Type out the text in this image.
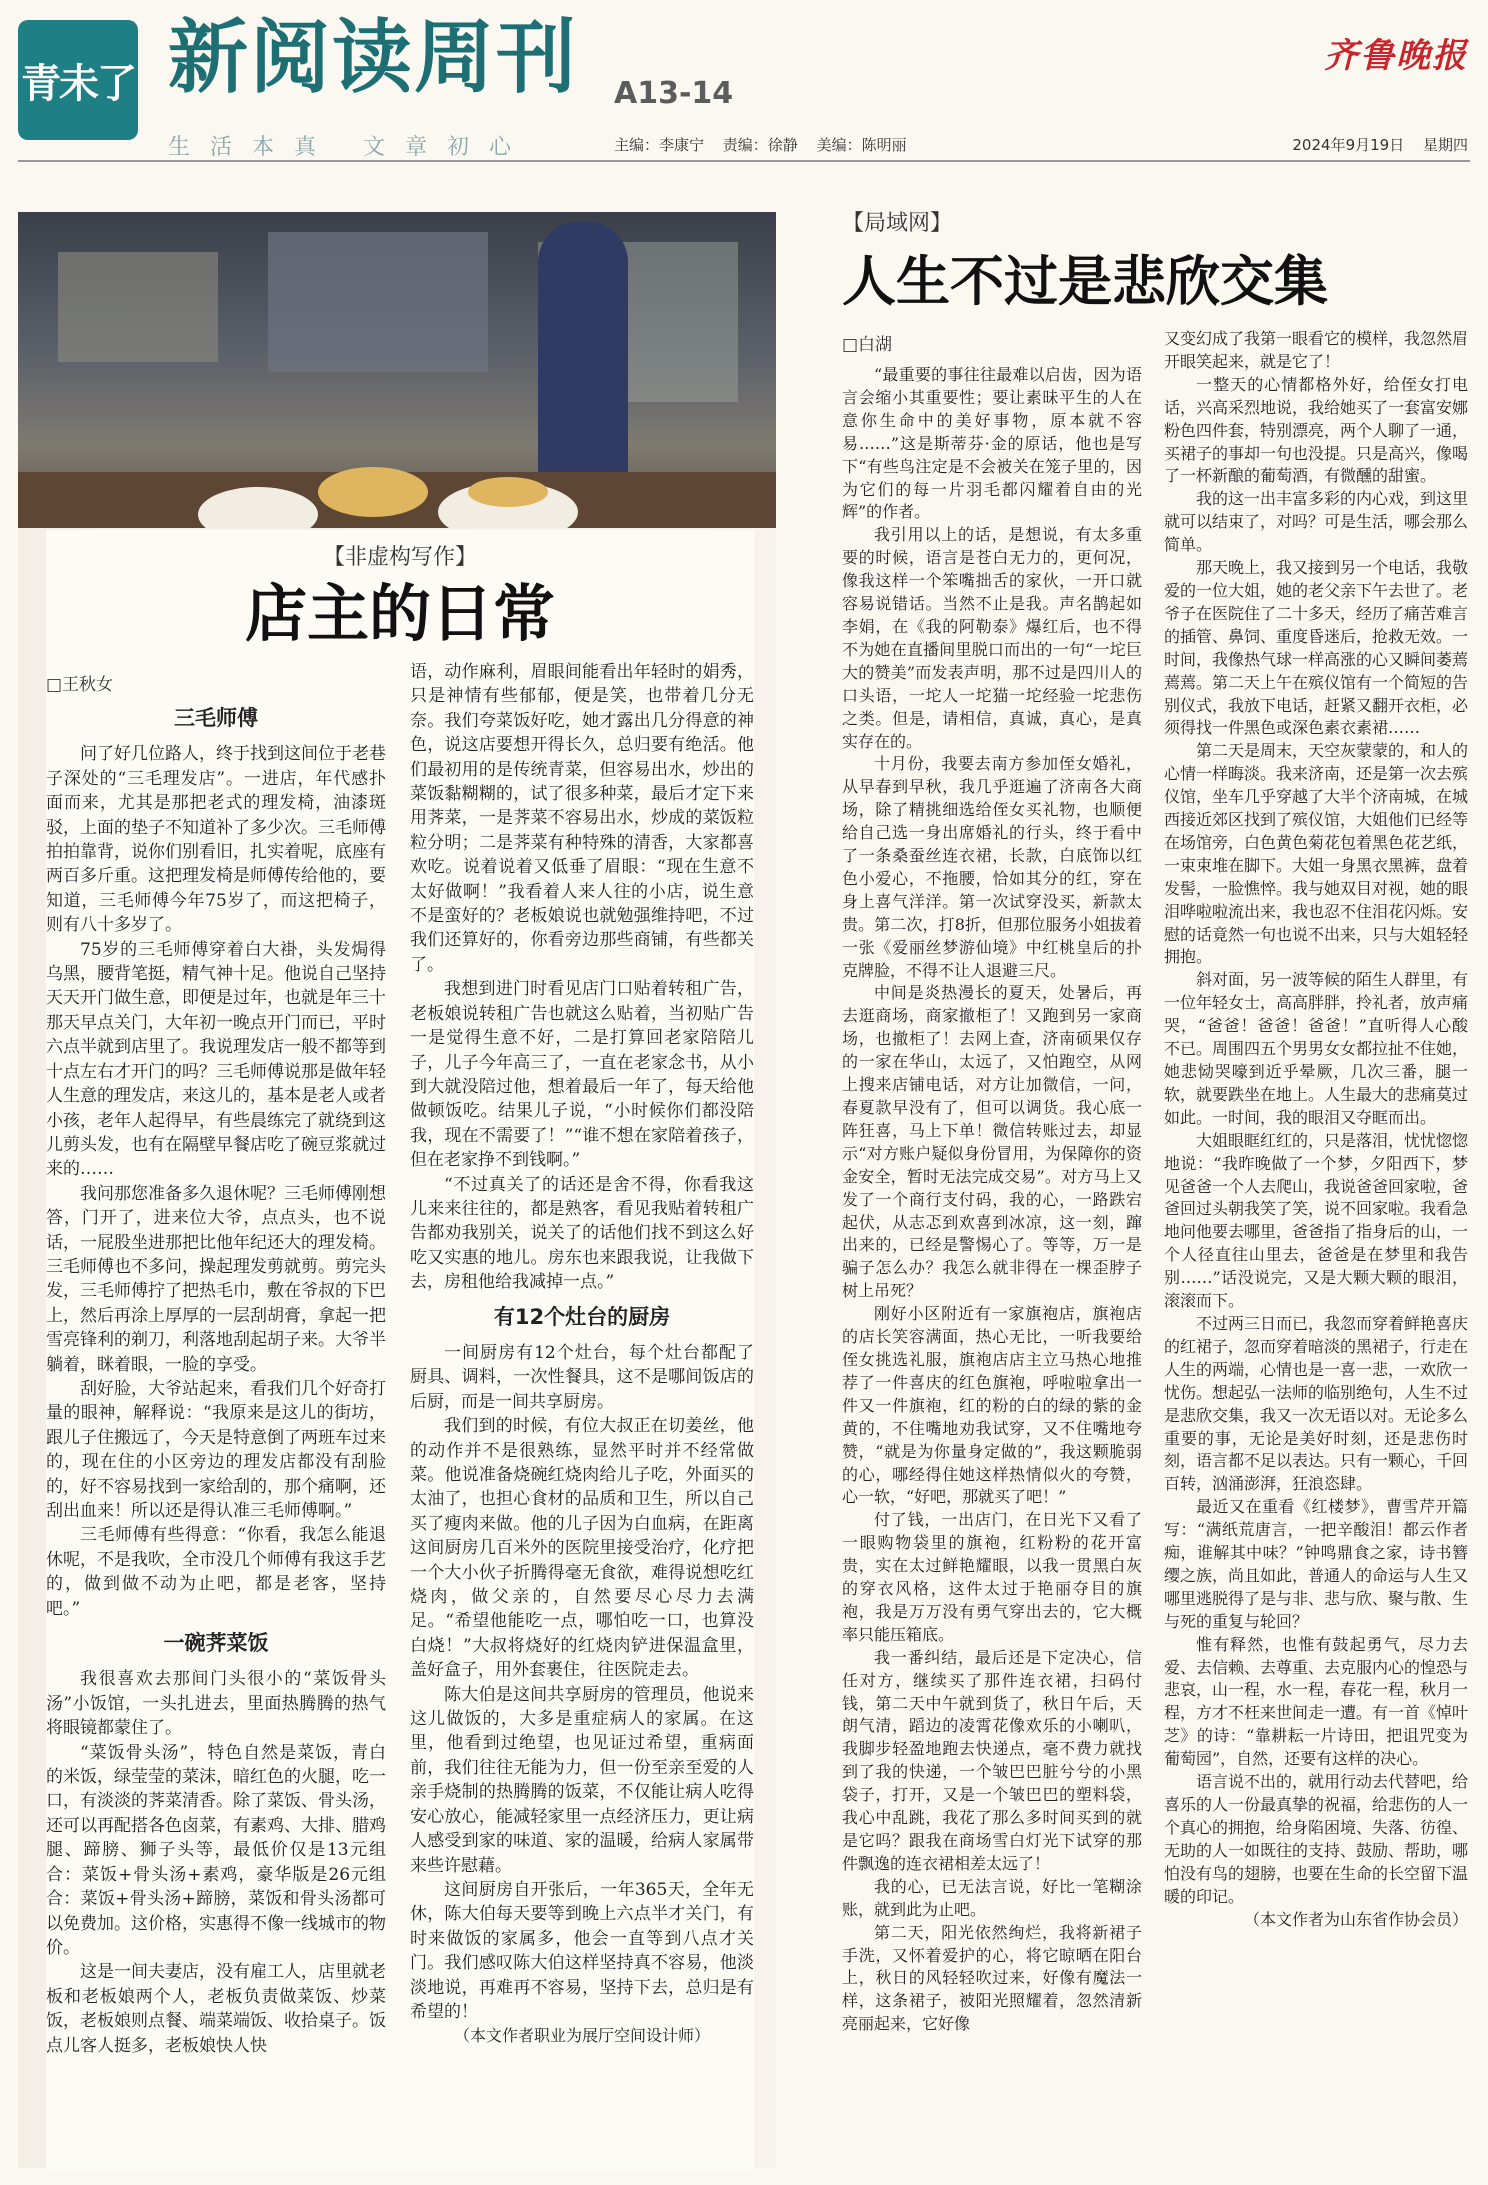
青未了 新阅读周刊 A13-14
生活本真 文章初心	主编：李康宁 责编：徐静 美编：陈明丽
齐鲁晚报
2024年9月19日 星期四
【非虚构写作】
店主的日常
□王秋女
三毛师傅

问了好几位路人，终于找到这间位于老巷子深处的“三毛理发店”。一进店，年代感扑面而来，尤其是那把老式的理发椅，油漆斑驳，上面的垫子不知道补了多少次。三毛师傅拍拍靠背，说你们别看旧，扎实着呢，底座有两百多斤重。这把理发椅是师傅传给他的，要知道，三毛师傅今年75岁了，而这把椅子，则有八十多岁了。

75岁的三毛师傅穿着白大褂，头发焗得乌黑，腰背笔挺，精气神十足。他说自己坚持天天开门做生意，即便是过年，也就是年三十那天早点关门，大年初一晚点开门而已，平时六点半就到店里了。我说理发店一般不都等到十点左右才开门的吗？三毛师傅说那是做年轻人生意的理发店，来这儿的，基本是老人或者小孩，老年人起得早，有些晨练完了就绕到这儿剪头发，也有在隔壁早餐店吃了碗豆浆就过来的……

我问那您准备多久退休呢？三毛师傅刚想答，门开了，进来位大爷，点点头，也不说话，一屁股坐进那把比他年纪还大的理发椅。三毛师傅也不多问，操起理发剪就剪。剪完头发，三毛师傅拧了把热毛巾，敷在爷叔的下巴上，然后再涂上厚厚的一层刮胡膏，拿起一把雪亮锋利的剃刀，利落地刮起胡子来。大爷半躺着，眯着眼，一脸的享受。

刮好脸，大爷站起来，看我们几个好奇打量的眼神，解释说：“我原来是这儿的街坊，跟儿子住搬远了，今天是特意倒了两班车过来的，现在住的小区旁边的理发店都没有刮脸的，好不容易找到一家给刮的，那个痛啊，还刮出血来！所以还是得认准三毛师傅啊。”

三毛师傅有些得意：“你看，我怎么能退休呢，不是我吹，全市没几个师傅有我这手艺的，做到做不动为止吧，都是老客，坚持吧。”

一碗荠菜饭

我很喜欢去那间门头很小的“菜饭骨头汤”小饭馆，一头扎进去，里面热腾腾的热气将眼镜都蒙住了。

“菜饭骨头汤”，特色自然是菜饭，青白的米饭，绿莹莹的菜沫，暗红色的火腿，吃一口，有淡淡的荠菜清香。除了菜饭、骨头汤，还可以再配搭各色卤菜，有素鸡、大排、腊鸡腿、蹄膀、狮子头等，最低价仅是13元组合：菜饭+骨头汤+素鸡，豪华版是26元组合：菜饭+骨头汤+蹄膀，菜饭和骨头汤都可以免费加。这价格，实惠得不像一线城市的物价。

这是一间夫妻店，没有雇工人，店里就老板和老板娘两个人，老板负责做菜饭、炒菜饭，老板娘则点餐、端菜端饭、收拾桌子。饭点儿客人挺多，老板娘快人快

语，动作麻利，眉眼间能看出年轻时的娟秀，只是神情有些郁郁，便是笑，也带着几分无奈。我们夸菜饭好吃，她才露出几分得意的神色，说这店要想开得长久，总归要有绝活。他们最初用的是传统青菜，但容易出水，炒出的菜饭黏糊糊的，试了很多种菜，最后才定下来用荠菜，一是荠菜不容易出水，炒成的菜饭粒粒分明；二是荠菜有种特殊的清香，大家都喜欢吃。说着说着又低垂了眉眼：“现在生意不太好做啊！”我看着人来人往的小店，说生意不是蛮好的？老板娘说也就勉强维持吧，不过我们还算好的，你看旁边那些商铺，有些都关了。

我想到进门时看见店门口贴着转租广告，老板娘说转租广告也就这么贴着，当初贴广告一是觉得生意不好，二是打算回老家陪陪儿子，儿子今年高三了，一直在老家念书，从小到大就没陪过他，想着最后一年了，每天给他做顿饭吃。结果儿子说，“小时候你们都没陪我，现在不需要了！”“谁不想在家陪着孩子，但在老家挣不到钱啊。”

“不过真关了的话还是舍不得，你看我这儿来来往往的，都是熟客，看见我贴着转租广告都劝我别关，说关了的话他们找不到这么好吃又实惠的地儿。房东也来跟我说，让我做下去，房租他给我减掉一点。”

有12个灶台的厨房

一间厨房有12个灶台，每个灶台都配了厨具、调料，一次性餐具，这不是哪间饭店的后厨，而是一间共享厨房。

我们到的时候，有位大叔正在切姜丝，他的动作并不是很熟练，显然平时并不经常做菜。他说准备烧碗红烧肉给儿子吃，外面买的太油了，也担心食材的品质和卫生，所以自己买了瘦肉来做。他的儿子因为白血病，在距离这间厨房几百米外的医院里接受治疗，化疗把一个大小伙子折腾得毫无食欲，难得说想吃红烧肉，做父亲的，自然要尽心尽力去满足。“希望他能吃一点，哪怕吃一口，也算没白烧！”大叔将烧好的红烧肉铲进保温盒里，盖好盒子，用外套裹住，往医院走去。

陈大伯是这间共享厨房的管理员，他说来这儿做饭的，大多是重症病人的家属。在这里，他看到过绝望，也见证过希望，重病面前，我们往往无能为力，但一份至亲至爱的人亲手烧制的热腾腾的饭菜，不仅能让病人吃得安心放心，能减轻家里一点经济压力，更让病人感受到家的味道、家的温暖，给病人家属带来些许慰藉。

这间厨房自开张后，一年365天，全年无休，陈大伯每天要等到晚上六点半才关门，有时来做饭的家属多，他会一直等到八点才关门。我们感叹陈大伯这样坚持真不容易，他淡淡地说，再难再不容易，坚持下去，总归是有希望的！

（本文作者职业为展厅空间设计师）

【局域网】
人生不过是悲欣交集
□白湖

“最重要的事往往最难以启齿，因为语言会缩小其重要性；要让素昧平生的人在意你生命中的美好事物，原本就不容易……”这是斯蒂芬·金的原话，他也是写下“有些鸟注定是不会被关在笼子里的，因为它们的每一片羽毛都闪耀着自由的光辉”的作者。

我引用以上的话，是想说，有太多重要的时候，语言是苍白无力的，更何况，像我这样一个笨嘴拙舌的家伙，一开口就容易说错话。当然不止是我。声名鹊起如李娟，在《我的阿勒泰》爆红后，也不得不为她在直播间里脱口而出的一句“一坨巨大的赞美”而发表声明，那不过是四川人的口头语，一坨人一坨猫一坨经验一坨悲伤之类。但是，请相信，真诚，真心，是真实存在的。

十月份，我要去南方参加侄女婚礼，从早春到早秋，我几乎逛遍了济南各大商场，除了精挑细选给侄女买礼物，也顺便给自己选一身出席婚礼的行头，终于看中了一条桑蚕丝连衣裙，长款，白底饰以红色小爱心，不拖腰，恰如其分的红，穿在身上喜气洋洋。第一次试穿没买，新款太贵。第二次，打8折，但那位服务小姐拔着一张《爱丽丝梦游仙境》中红桃皇后的扑克牌脸，不得不让人退避三尺。

中间是炎热漫长的夏天，处暑后，再去逛商场，商家撤柜了！又跑到另一家商场，也撤柜了！去网上查，济南硕果仅存的一家在华山，太远了，又怕跑空，从网上搜来店铺电话，对方让加微信，一问，春夏款早没有了，但可以调货。我心底一阵狂喜，马上下单！微信转账过去，却显示“对方账户疑似身份冒用，为保障你的资金安全，暂时无法完成交易”。对方马上又发了一个商行支付码，我的心，一路跌宕起伏，从志忑到欢喜到冰凉，这一刻，蹿出来的，已经是警惕心了。等等，万一是骗子怎么办？我怎么就非得在一棵歪脖子树上吊死？

刚好小区附近有一家旗袍店，旗袍店的店长笑容满面，热心无比，一听我要给侄女挑选礼服，旗袍店店主立马热心地推荐了一件喜庆的红色旗袍，呼啦啦拿出一件又一件旗袍，红的粉的白的绿的紫的金黄的，不住嘴地劝我试穿，又不住嘴地夸赞，“就是为你量身定做的”，我这颗脆弱的心，哪经得住她这样热情似火的夸赞，心一软，“好吧，那就买了吧！”

付了钱，一出店门，在日光下又看了一眼购物袋里的旗袍，红粉粉的花开富贵，实在太过鲜艳耀眼，以我一贯黑白灰的穿衣风格，这件太过于艳丽夺目的旗袍，我是万万没有勇气穿出去的，它大概率只能压箱底。

我一番纠结，最后还是下定决心，信任对方，继续买了那件连衣裙，扫码付钱，第二天中午就到货了，秋日午后，天朗气清，蹈边的凌霄花像欢乐的小喇叭，我脚步轻盈地跑去快递点，毫不费力就找到了我的快递，一个皱巴巴脏兮兮的小黑袋子，打开，又是一个皱巴巴的塑料袋，我心中乱跳，我花了那么多时间买到的就是它吗？跟我在商场雪白灯光下试穿的那件飘逸的连衣裙相差太远了！

我的心，已无法言说，好比一笔糊涂账，就到此为止吧。

第二天，阳光依然绚烂，我将新裙子手洗，又怀着爱护的心，将它晾晒在阳台上，秋日的风轻轻吹过来，好像有魔法一样，这条裙子，被阳光照耀着，忽然清新亮丽起来，它好像

又变幻成了我第一眼看它的模样，我忽然眉开眼笑起来，就是它了！

一整天的心情都格外好，给侄女打电话，兴高采烈地说，我给她买了一套富安娜粉色四件套，特别漂亮，两个人聊了一通，买裙子的事却一句也没提。只是高兴，像喝了一杯新酿的葡萄酒，有微醺的甜蜜。

我的这一出丰富多彩的内心戏，到这里就可以结束了，对吗？可是生活，哪会那么简单。

那天晚上，我又接到另一个电话，我敬爱的一位大姐，她的老父亲下午去世了。老爷子在医院住了二十多天，经历了痛苦难言的插管、鼻饲、重度昏迷后，抢救无效。一时间，我像热气球一样高涨的心又瞬间萎蔫蔫蔫。第二天上午在殡仪馆有一个简短的告别仪式，我放下电话，赶紧又翻开衣柜，必须得找一件黑色或深色素衣素裙……

第二天是周末，天空灰蒙蒙的，和人的心情一样晦淡。我来济南，还是第一次去殡仪馆，坐车几乎穿越了大半个济南城，在城西接近郊区找到了殡仪馆，大姐他们已经等在场馆旁，白色黄色菊花包着黑色花艺纸，一束束堆在脚下。大姐一身黑衣黑裤，盘着发髻，一脸憔悴。我与她双目对视，她的眼泪哗啦啦流出来，我也忍不住泪花闪烁。安慰的话竟然一句也说不出来，只与大姐轻轻拥抱。

斜对面，另一波等候的陌生人群里，有一位年轻女士，高高胖胖，拎礼者，放声痛哭，“爸爸！爸爸！爸爸！”直听得人心酸不已。周围四五个男男女女都拉扯不住她，她悲恸哭嚎到近乎晕厥，几次三番，腿一软，就要跌坐在地上。人生最大的悲痛莫过如此。一时间，我的眼泪又夺眶而出。

大姐眼眶红红的，只是落泪，忧忧惚惚地说：“我昨晚做了一个梦，夕阳西下，梦见爸爸一个人去爬山，我说爸爸回家啦，爸爸回过头朝我笑了笑，说不回家啦。我看急地问他要去哪里，爸爸指了指身后的山，一个人径直往山里去，爸爸是在梦里和我告别……”话没说完，又是大颗大颗的眼泪，滚滚而下。

不过两三日而已，我忽而穿着鲜艳喜庆的红裙子，忽而穿着暗淡的黑裙子，行走在人生的两端，心情也是一喜一悲，一欢欣一忧伤。想起弘一法师的临别绝句，人生不过是悲欣交集，我又一次无语以对。无论多么重要的事，无论是美好时刻，还是悲伤时刻，语言都不足以表达。只有一颗心，千回百转，汹涌澎湃，狂浪恣肆。

最近又在重看《红楼梦》，曹雪芹开篇写：“满纸荒唐言，一把辛酸泪！都云作者痴，谁解其中味？”钟鸣鼎食之家，诗书簪缨之族，尚且如此，普通人的命运与人生又哪里逃脱得了是与非、悲与欣、聚与散、生与死的重复与轮回？

惟有释然，也惟有鼓起勇气，尽力去爱、去信赖、去尊重、去克服内心的惶恐与悲哀，山一程，水一程，春花一程，秋月一程，方才不枉来世间走一遭。有一首《悼叶芝》的诗：“靠耕耘一片诗田，把诅咒变为葡萄园”，自然，还要有这样的决心。

语言说不出的，就用行动去代替吧，给喜乐的人一份最真挚的祝福，给悲伤的人一个真心的拥抱，给身陷困境、失落、彷徨、无助的人一如既往的支持、鼓励、帮助，哪怕没有鸟的翅膀，也要在生命的长空留下温暖的印记。

（本文作者为山东省作协会员）
